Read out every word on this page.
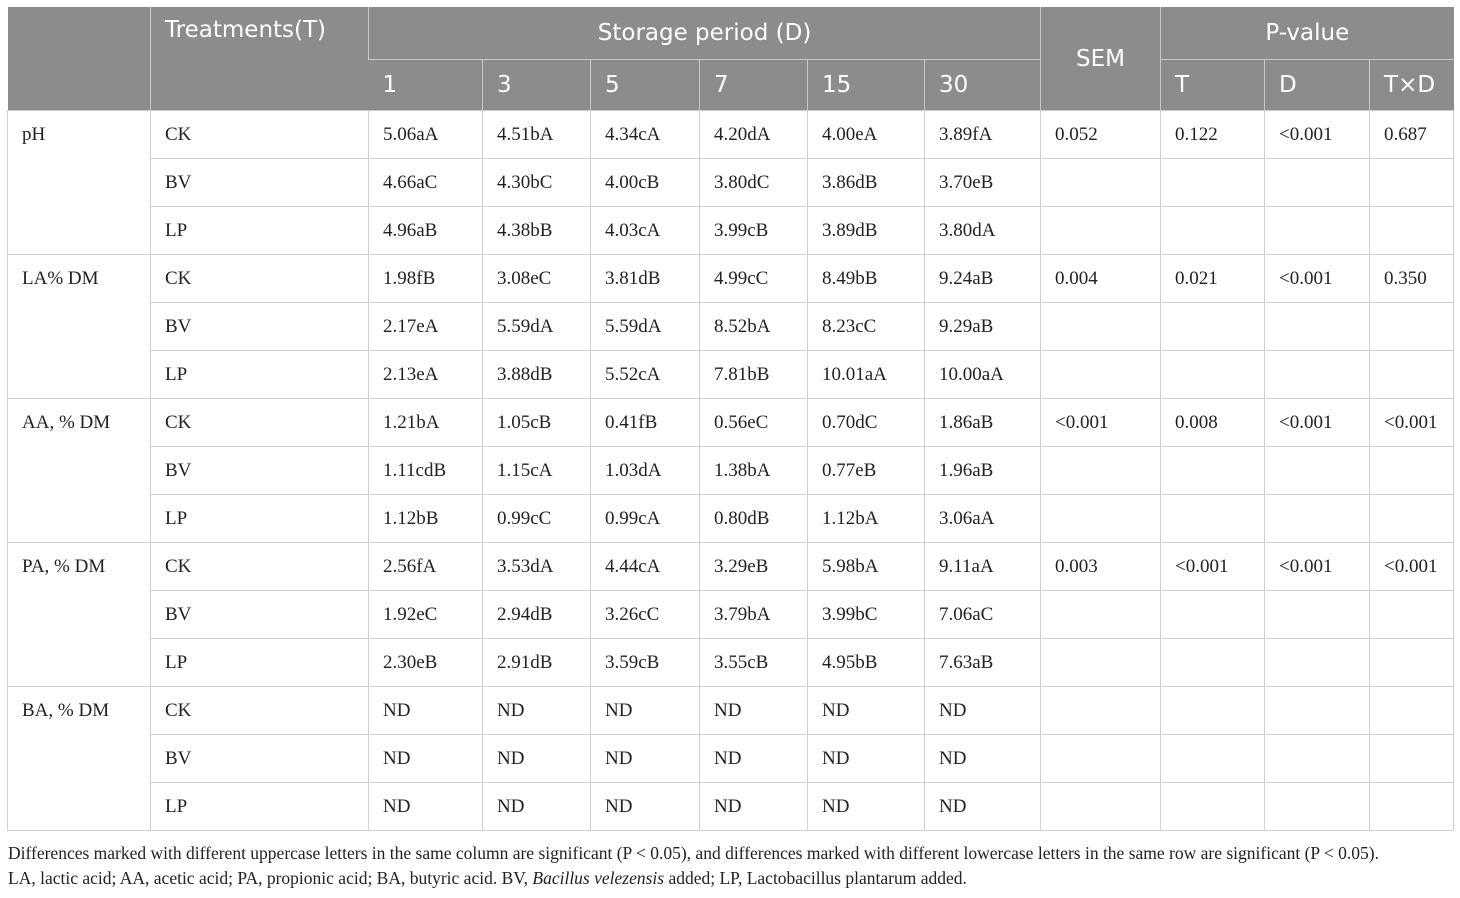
	Treatments(T)	Storage period (D)						SEM	P-value		
		1	3	5	7	15	30		T	D	T×D
pH	CK	5.06aA	4.51bA	4.34cA	4.20dA	4.00eA	3.89fA	0.052	0.122	<0.001	0.687
	BV	4.66aC	4.30bC	4.00cB	3.80dC	3.86dB	3.70eB				
	LP	4.96aB	4.38bB	4.03cA	3.99cB	3.89dB	3.80dA				
LA% DM	CK	1.98fB	3.08eC	3.81dB	4.99cC	8.49bB	9.24aB	0.004	0.021	<0.001	0.350
	BV	2.17eA	5.59dA	5.59dA	8.52bA	8.23cC	9.29aB				
	LP	2.13eA	3.88dB	5.52cA	7.81bB	10.01aA	10.00aA				
AA, % DM	CK	1.21bA	1.05cB	0.41fB	0.56eC	0.70dC	1.86aB	<0.001	0.008	<0.001	<0.001
	BV	1.11cdB	1.15cA	1.03dA	1.38bA	0.77eB	1.96aB				
	LP	1.12bB	0.99cC	0.99cA	0.80dB	1.12bA	3.06aA				
PA, % DM	CK	2.56fA	3.53dA	4.44cA	3.29eB	5.98bA	9.11aA	0.003	<0.001	<0.001	<0.001
	BV	1.92eC	2.94dB	3.26cC	3.79bA	3.99bC	7.06aC				
	LP	2.30eB	2.91dB	3.59cB	3.55cB	4.95bB	7.63aB				
BA, % DM	CK	ND	ND	ND	ND	ND	ND				
	BV	ND	ND	ND	ND	ND	ND				
	LP	ND	ND	ND	ND	ND	ND				
Differences marked with different uppercase letters in the same column are significant (P < 0.05), and differences marked with different lowercase letters in the same row are significant (P < 0.05).
LA, lactic acid; AA, acetic acid; PA, propionic acid; BA, butyric acid. BV, Bacillus velezensis added; LP, Lactobacillus plantarum added.
